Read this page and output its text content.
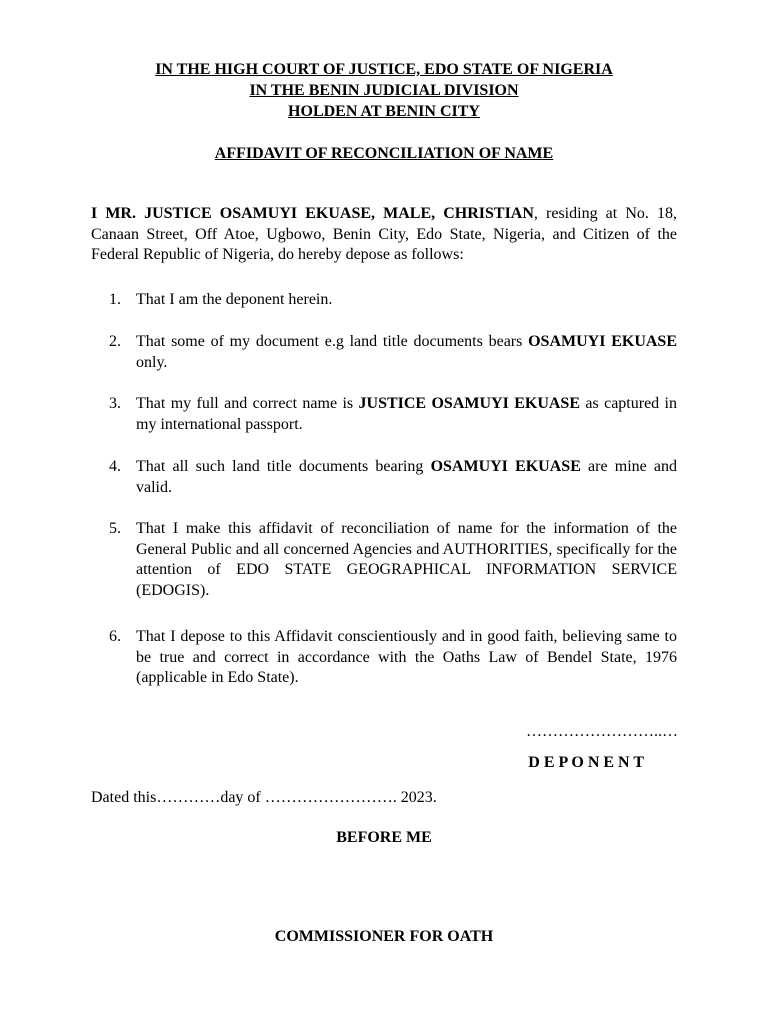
IN THE HIGH COURT OF JUSTICE, EDO STATE OF NIGERIA

IN THE BENIN JUDICIAL DIVISION

HOLDEN AT BENIN CITY

AFFIDAVIT OF RECONCILIATION OF NAME

I MR. JUSTICE OSAMUYI EKUASE, MALE, CHRISTIAN, residing at No. 18, Canaan Street, Off Atoe, Ugbowo, Benin City, Edo State, Nigeria, and Citizen of the Federal Republic of Nigeria, do hereby depose as follows:

1. That I am the deponent herein.
2. That some of my document e.g land title documents bears OSAMUYI EKUASE only.
3. That my full and correct name is JUSTICE OSAMUYI EKUASE as captured in my international passport.
4. That all such land title documents bearing OSAMUYI EKUASE are mine and valid.
5. That I make this affidavit of reconciliation of name for the information of the General Public and all concerned Agencies and AUTHORITIES, specifically for the attention of EDO STATE GEOGRAPHICAL INFORMATION SERVICE (EDOGIS).
6. That I depose to this Affidavit conscientiously and in good faith, believing same to be true and correct in accordance with the Oaths Law of Bendel State, 1976 (applicable in Edo State).

……………………..…

D E P O N E N T

Dated this…………day of ……………………. 2023.

BEFORE ME

COMMISSIONER FOR OATH
